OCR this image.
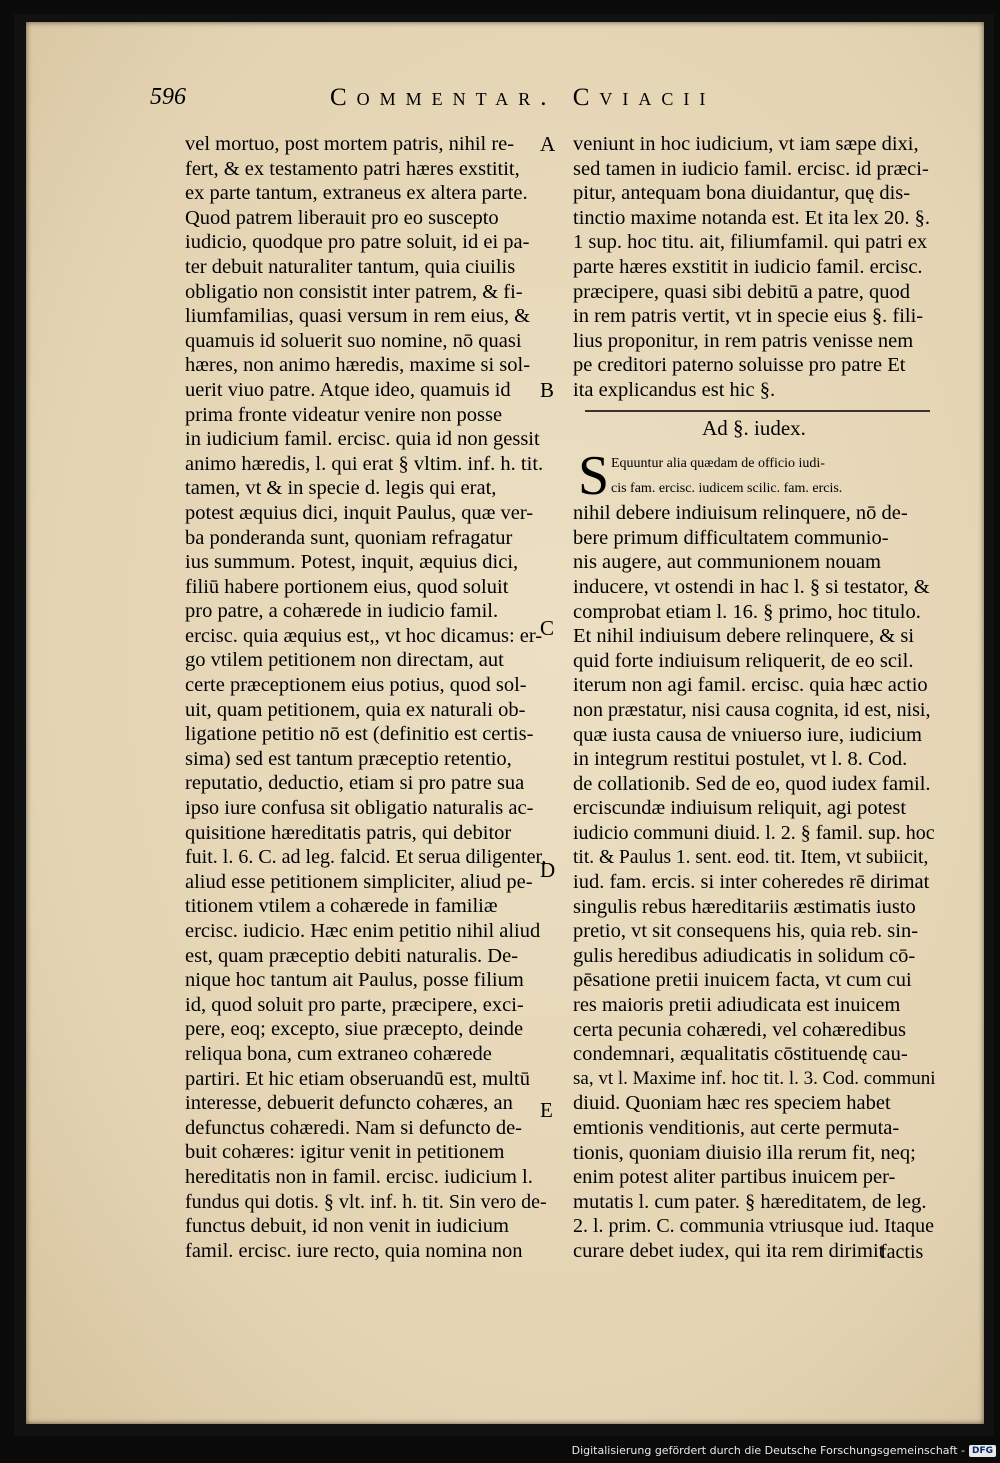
596	Commentar. Cviacii
vel mortuo, post mortem patris, nihil re-
fert, & ex testamento patri hæres exstitit,
ex parte tantum, extraneus ex altera parte.
Quod patrem liberauit pro eo suscepto
iudicio, quodque pro patre soluit, id ei pa-
ter debuit naturaliter tantum, quia ciuilis
obligatio non consistit inter patrem, & fi-
liumfamilias, quasi versum in rem eius, &
quamuis id soluerit suo nomine, nō quasi
hæres, non animo hæredis, maxime si sol-
uerit viuo patre. Atque ideo, quamuis id
prima fronte videatur venire non posse
in iudicium famil. ercisc. quia id non gessit
animo hæredis, l. qui erat § vltim. inf. h. tit.
tamen, vt & in specie d. legis qui erat,
potest æquius dici, inquit Paulus, quæ ver-
ba ponderanda sunt, quoniam refragatur
ius summum. Potest, inquit, æquius dici,
filiū habere portionem eius, quod soluit
pro patre, a cohærede in iudicio famil.
ercisc. quia æquius est,, vt hoc dicamus: er-
go vtilem petitionem non directam, aut
certe præceptionem eius potius, quod sol-
uit, quam petitionem, quia ex naturali ob-
ligatione petitio nō est (definitio est certis-
sima) sed est tantum præceptio retentio,
reputatio, deductio, etiam si pro patre sua
ipso iure confusa sit obligatio naturalis ac-
quisitione hæreditatis patris, qui debitor
fuit. l. 6. C. ad leg. falcid. Et serua diligenter,
aliud esse petitionem simpliciter, aliud pe-
titionem vtilem a cohærede in familiæ
ercisc. iudicio. Hæc enim petitio nihil aliud
est, quam præceptio debiti naturalis. De-
nique hoc tantum ait Paulus, posse filium
id, quod soluit pro parte, præcipere, exci-
pere, eoq; excepto, siue præcepto, deinde
reliqua bona, cum extraneo cohærede
partiri. Et hic etiam obseruandū est, multū
interesse, debuerit defuncto cohæres, an
defunctus cohæredi. Nam si defuncto de-
buit cohæres: igitur venit in petitionem
hereditatis non in famil. ercisc. iudicium l.
fundus qui dotis. § vlt. inf. h. tit. Sin vero de-
functus debuit, id non venit in iudicium
famil. ercisc. iure recto, quia nomina non
veniunt in hoc iudicium, vt iam sæpe dixi,
sed tamen in iudicio famil. ercisc. id præci-
pitur, antequam bona diuidantur, quę dis-
tinctio maxime notanda est. Et ita lex 20. §.
1 sup. hoc titu. ait, filiumfamil. qui patri ex
parte hæres exstitit in iudicio famil. ercisc.
præcipere, quasi sibi debitū a patre, quod
in rem patris vertit, vt in specie eius §. fili-
lius proponitur, in rem patris venisse nem
pe creditori paterno soluisse pro patre Et
ita explicandus est hic §.
A
B
C
D
E
Ad §. iudex.
S Equuntur alia quædam de officio iudi-
cis fam. ercisc. iudicem scilic. fam. ercis.
nihil debere indiuisum relinquere, nō de-
bere primum difficultatem communio-
nis augere, aut communionem nouam
inducere, vt ostendi in hac l. § si testator, &
comprobat etiam l. 16. § primo, hoc titulo.
Et nihil indiuisum debere relinquere, & si
quid forte indiuisum reliquerit, de eo scil.
iterum non agi famil. ercisc. quia hæc actio
non præstatur, nisi causa cognita, id est, nisi,
quæ iusta causa de vniuerso iure, iudicium
in integrum restitui postulet, vt l. 8. Cod.
de collationib. Sed de eo, quod iudex famil.
erciscundæ indiuisum reliquit, agi potest
iudicio communi diuid. l. 2. § famil. sup. hoc
tit. & Paulus 1. sent. eod. tit. Item, vt subiicit,
iud. fam. ercis. si inter coheredes rē dirimat
singulis rebus hæreditariis æstimatis iusto
pretio, vt sit consequens his, quia reb. sin-
gulis heredibus adiudicatis in solidum cō-
pēsatione pretii inuicem facta, vt cum cui
res maioris pretii adiudicata est inuicem
certa pecunia cohæredi, vel cohæredibus
condemnari, æqualitatis cōstituendę cau-
sa, vt l. Maxime inf. hoc tit. l. 3. Cod. communi
diuid. Quoniam hæc res speciem habet
emtionis venditionis, aut certe permuta-
tionis, quoniam diuisio illa rerum fit, neq;
enim potest aliter partibus inuicem per-
mutatis l. cum pater. § hæreditatem, de leg.
2. l. prim. C. communia vtriusque iud. Itaque
curare debet iudex, qui ita rem dirimit
factis
Digitalisierung gefördert durch die Deutsche Forschungsgemeinschaft - DFG
